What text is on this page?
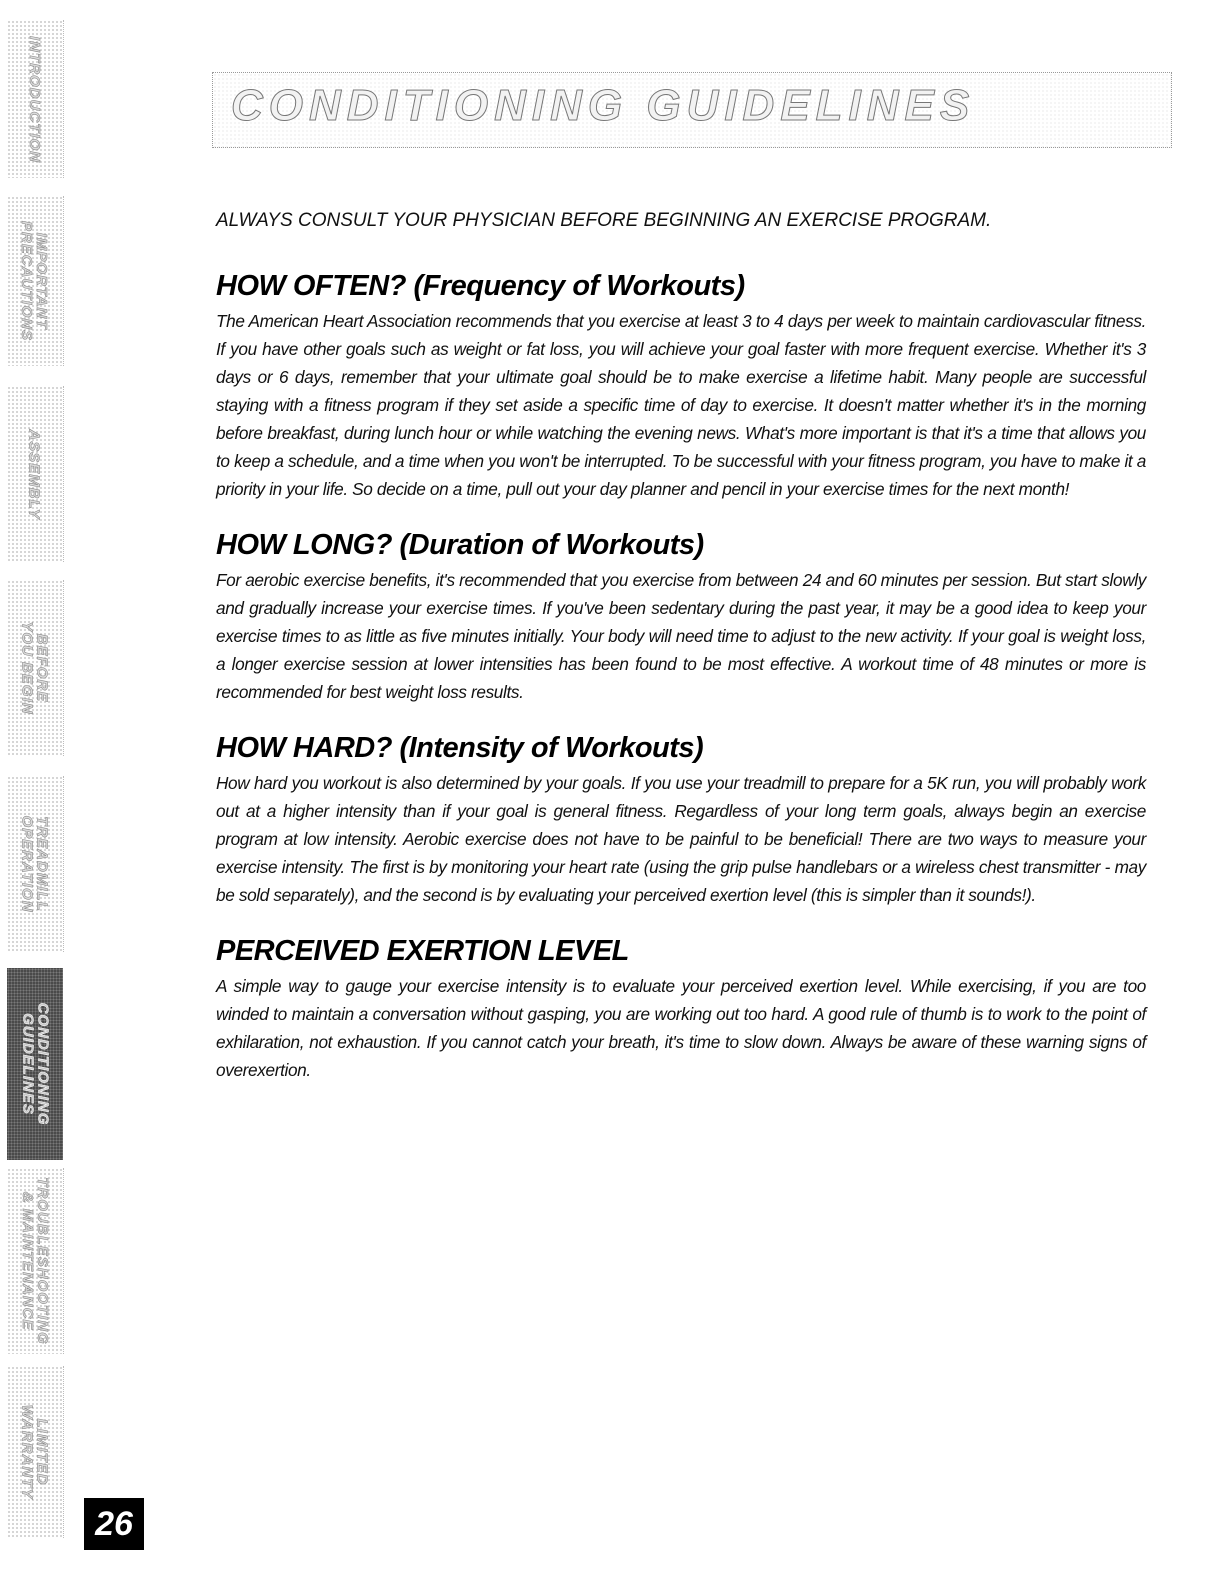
INTRODUCTION
IMPORTANT
PRECAUTIONS
ASSEMBLY
BEFORE
YOU BEGIN
TREADMILL
OPERATION
CONDITIONING
GUIDELINES
TROUBLESHOOTING
& MAINTENANCE
LIMITED
WARRANTY
CONDITIONING GUIDELINES

ALWAYS CONSULT YOUR PHYSICIAN BEFORE BEGINNING AN EXERCISE PROGRAM.

HOW OFTEN? (Frequency of Workouts)

The American Heart Association recommends that you exercise at least 3 to 4 days per week to maintain cardiovascular fitness. If you have other goals such as weight or fat loss, you will achieve your goal faster with more frequent exercise. Whether it's 3 days or 6 days, remember that your ultimate goal should be to make exercise a lifetime habit. Many people are successful staying with a fitness program if they set aside a specific time of day to exercise. It doesn't matter whether it's in the morning before breakfast, during lunch hour or while watching the evening news. What's more important is that it's a time that allows you to keep a schedule, and a time when you won't be interrupted. To be successful with your fitness program, you have to make it a priority in your life. So decide on a time, pull out your day planner and pencil in your exercise times for the next month!

HOW LONG? (Duration of Workouts)

For aerobic exercise benefits, it's recommended that you exercise from between 24 and 60 minutes per session. But start slowly and gradually increase your exercise times. If you've been sedentary during the past year, it may be a good idea to keep your exercise times to as little as five minutes initially. Your body will need time to adjust to the new activity. If your goal is weight loss, a longer exercise session at lower intensities has been found to be most effective. A workout time of 48 minutes or more is recommended for best weight loss results.

HOW HARD? (Intensity of Workouts)

How hard you workout is also determined by your goals. If you use your treadmill to prepare for a 5K run, you will probably work out at a higher intensity than if your goal is general fitness. Regardless of your long term goals, always begin an exercise program at low intensity. Aerobic exercise does not have to be painful to be beneficial! There are two ways to measure your exercise intensity. The first is by monitoring your heart rate (using the grip pulse handlebars or a wireless chest transmitter - may be sold separately), and the second is by evaluating your perceived exertion level (this is simpler than it sounds!).

PERCEIVED EXERTION LEVEL

A simple way to gauge your exercise intensity is to evaluate your perceived exertion level. While exercising, if you are too winded to maintain a conversation without gasping, you are working out too hard. A good rule of thumb is to work to the point of exhilaration, not exhaustion. If you cannot catch your breath, it's time to slow down. Always be aware of these warning signs of overexertion.

26
